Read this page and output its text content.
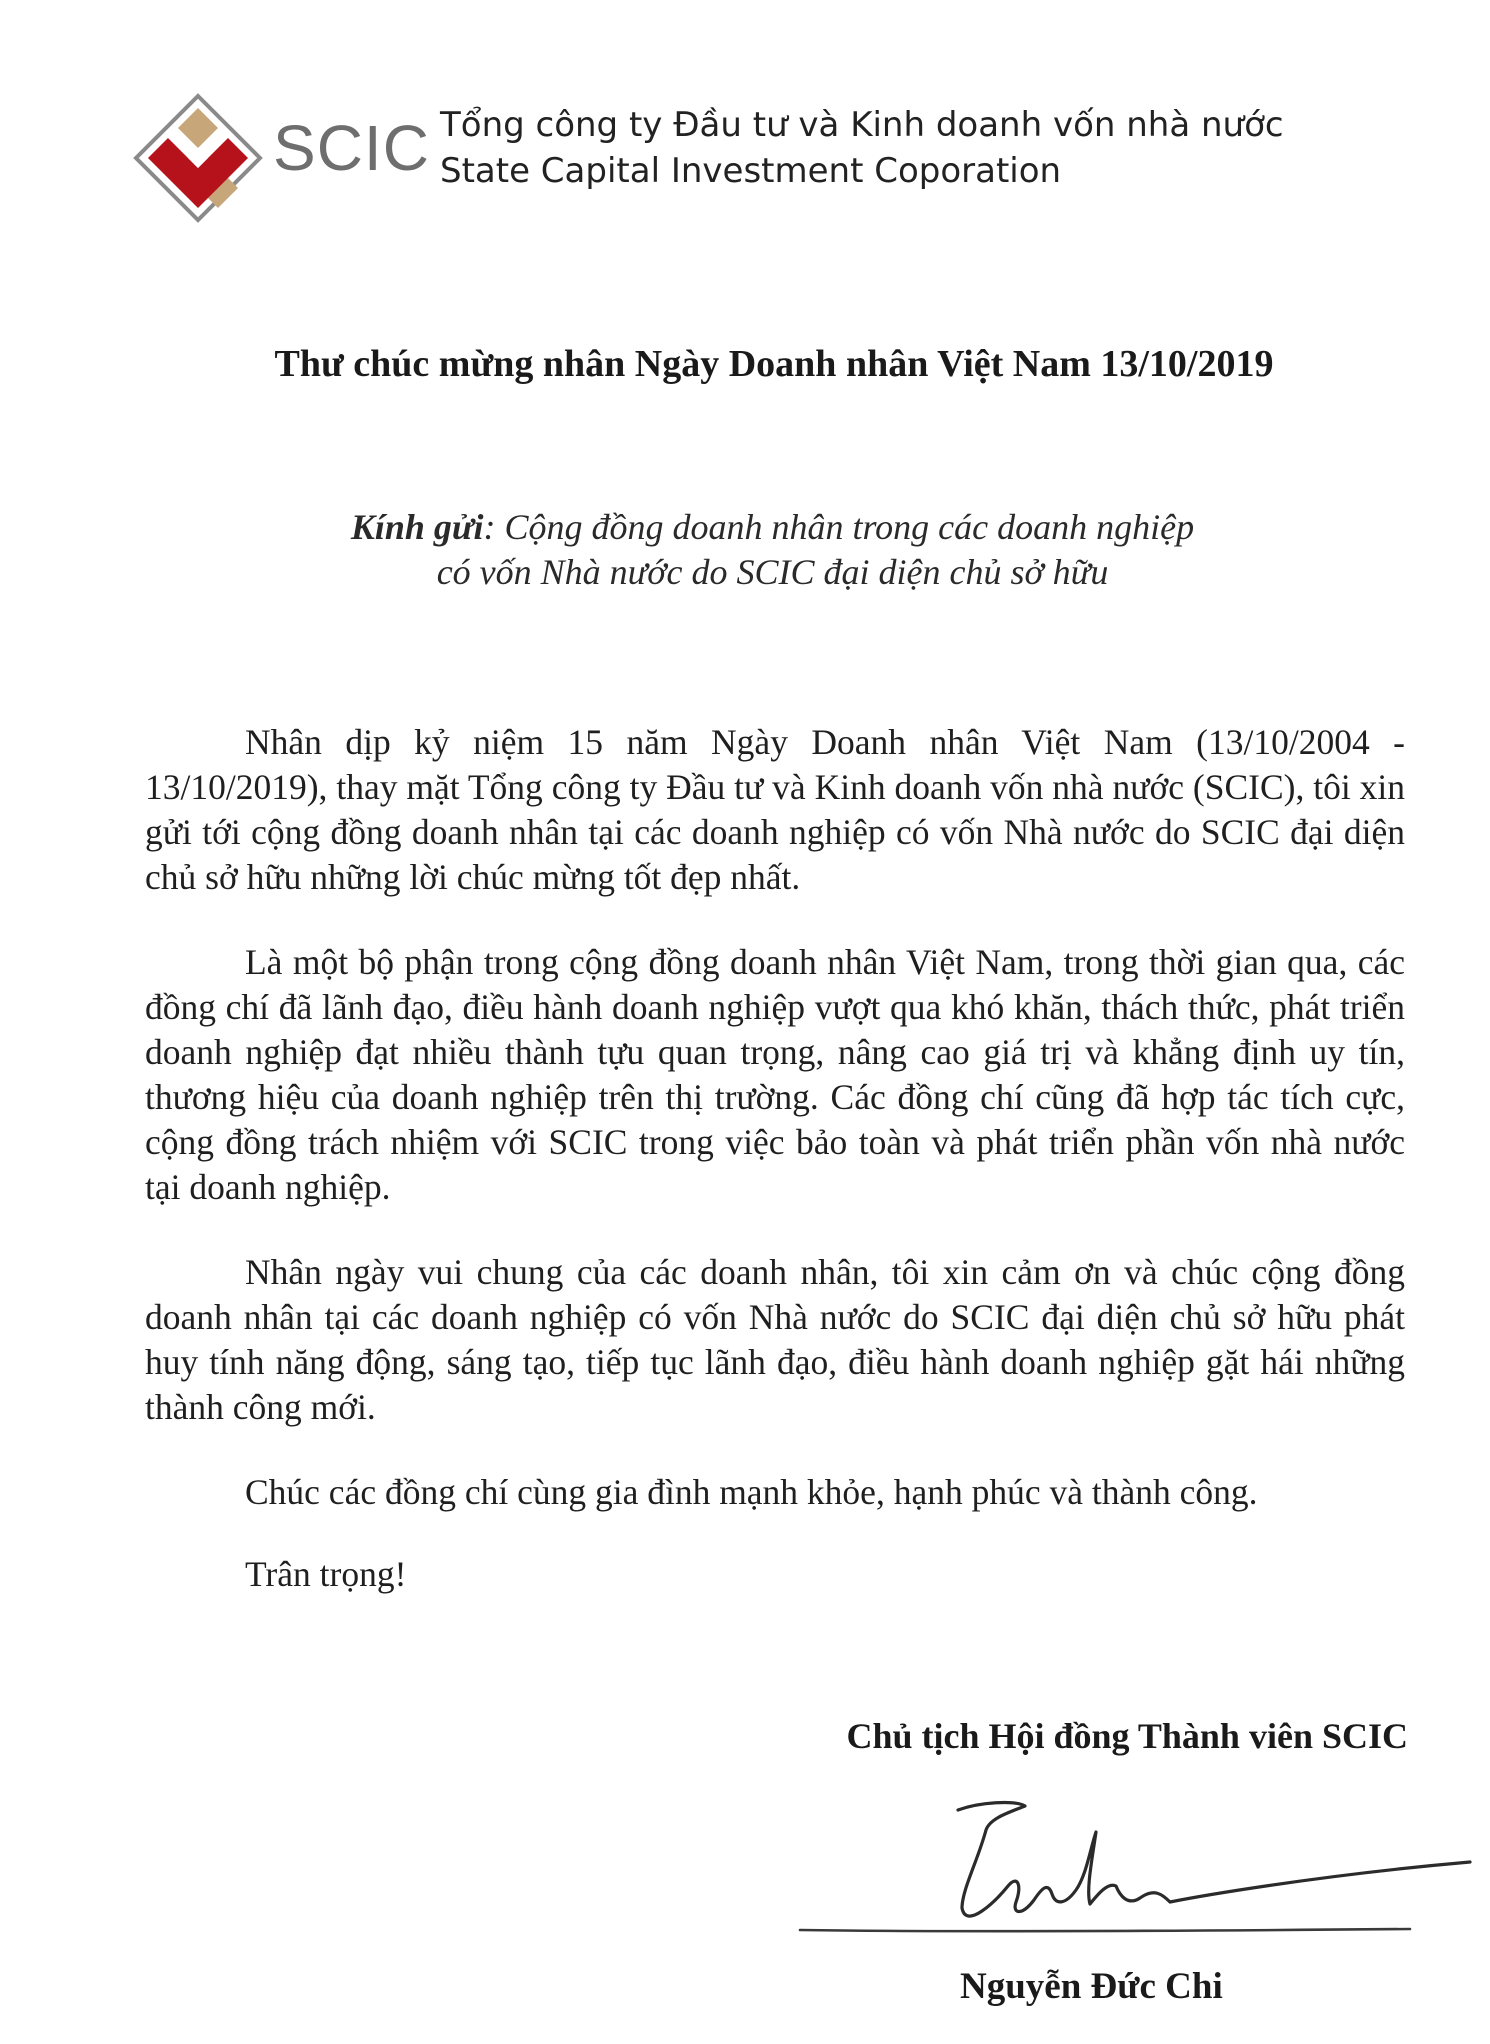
SCIC Tổng công ty Đầu tư và Kinh doanh vốn nhà nước
State Capital Investment Coporation
Thư chúc mừng nhân Ngày Doanh nhân Việt Nam 13/10/2019
Kính gửi: Cộng đồng doanh nhân trong các doanh nghiệp
có vốn Nhà nước do SCIC đại diện chủ sở hữu

Nhân dịp kỷ niệm 15 năm Ngày Doanh nhân Việt Nam (13/10/2004 - 13/10/2019), thay mặt Tổng công ty Đầu tư và Kinh doanh vốn nhà nước (SCIC), tôi xin gửi tới cộng đồng doanh nhân tại các doanh nghiệp có vốn Nhà nước do SCIC đại diện chủ sở hữu những lời chúc mừng tốt đẹp nhất.

Là một bộ phận trong cộng đồng doanh nhân Việt Nam, trong thời gian qua, các đồng chí đã lãnh đạo, điều hành doanh nghiệp vượt qua khó khăn, thách thức, phát triển doanh nghiệp đạt nhiều thành tựu quan trọng, nâng cao giá trị và khẳng định uy tín, thương hiệu của doanh nghiệp trên thị trường. Các đồng chí cũng đã hợp tác tích cực, cộng đồng trách nhiệm với SCIC trong việc bảo toàn và phát triển phần vốn nhà nước tại doanh nghiệp.

Nhân ngày vui chung của các doanh nhân, tôi xin cảm ơn và chúc cộng đồng doanh nhân tại các doanh nghiệp có vốn Nhà nước do SCIC đại diện chủ sở hữu phát huy tính năng động, sáng tạo, tiếp tục lãnh đạo, điều hành doanh nghiệp gặt hái những thành công mới.

Chúc các đồng chí cùng gia đình mạnh khỏe, hạnh phúc và thành công.

Trân trọng!

Chủ tịch Hội đồng Thành viên SCIC
Nguyễn Đức Chi
